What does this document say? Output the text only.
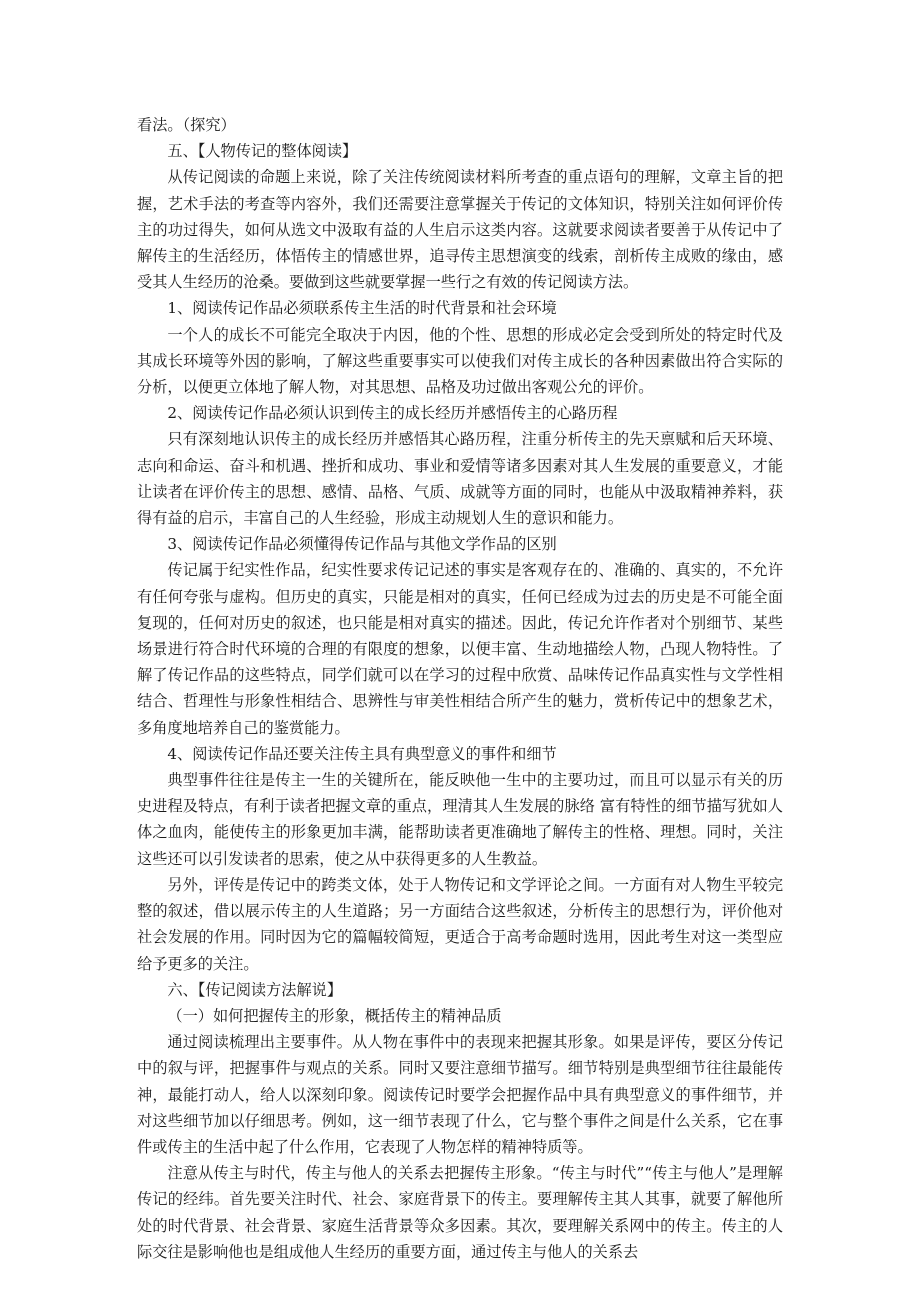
看法。（探究）

五、【人物传记的整体阅读】

从传记阅读的命题上来说，除了关注传统阅读材料所考查的重点语句的理解，文章主旨的把握，艺术手法的考查等内容外，我们还需要注意掌握关于传记的文体知识，特别关注如何评价传主的功过得失，如何从选文中汲取有益的人生启示这类内容。这就要求阅读者要善于从传记中了解传主的生活经历，体悟传主的情感世界，追寻传主思想演变的线索，剖析传主成败的缘由，感受其人生经历的沧桑。要做到这些就要掌握一些行之有效的传记阅读方法。

1、阅读传记作品必须联系传主生活的时代背景和社会环境

一个人的成长不可能完全取决于内因，他的个性、思想的形成必定会受到所处的特定时代及其成长环境等外因的影响，了解这些重要事实可以使我们对传主成长的各种因素做出符合实际的分析，以便更立体地了解人物，对其思想、品格及功过做出客观公允的评价。

2、阅读传记作品必须认识到传主的成长经历并感悟传主的心路历程

只有深刻地认识传主的成长经历并感悟其心路历程，注重分析传主的先天禀赋和后天环境、志向和命运、奋斗和机遇、挫折和成功、事业和爱情等诸多因素对其人生发展的重要意义，才能让读者在评价传主的思想、感情、品格、气质、成就等方面的同时，也能从中汲取精神养料，获得有益的启示，丰富自己的人生经验，形成主动规划人生的意识和能力。

3、阅读传记作品必须懂得传记作品与其他文学作品的区别

传记属于纪实性作品，纪实性要求传记记述的事实是客观存在的、准确的、真实的，不允许有任何夸张与虚构。但历史的真实，只能是相对的真实，任何已经成为过去的历史是不可能全面复现的，任何对历史的叙述，也只能是相对真实的描述。因此，传记允许作者对个别细节、某些场景进行符合时代环境的合理的有限度的想象，以便丰富、生动地描绘人物，凸现人物特性。了解了传记作品的这些特点，同学们就可以在学习的过程中欣赏、品味传记作品真实性与文学性相结合、哲理性与形象性相结合、思辨性与审美性相结合所产生的魅力，赏析传记中的想象艺术，多角度地培养自己的鉴赏能力。

4、阅读传记作品还要关注传主具有典型意义的事件和细节

典型事件往往是传主一生的关键所在，能反映他一生中的主要功过，而且可以显示有关的历史进程及特点，有利于读者把握文章的重点，理清其人生发展的脉络 富有特性的细节描写犹如人体之血肉，能使传主的形象更加丰满，能帮助读者更准确地了解传主的性格、理想。同时，关注这些还可以引发读者的思索，使之从中获得更多的人生教益。

另外，评传是传记中的跨类文体，处于人物传记和文学评论之间。一方面有对人物生平较完整的叙述，借以展示传主的人生道路；另一方面结合这些叙述，分析传主的思想行为，评价他对社会发展的作用。同时因为它的篇幅较简短，更适合于高考命题时选用，因此考生对这一类型应给予更多的关注。

六、【传记阅读方法解说】

（一）如何把握传主的形象，概括传主的精神品质

通过阅读梳理出主要事件。从人物在事件中的表现来把握其形象。如果是评传，要区分传记中的叙与评，把握事件与观点的关系。同时又要注意细节描写。细节特别是典型细节往往最能传神，最能打动人，给人以深刻印象。阅读传记时要学会把握作品中具有典型意义的事件细节，并对这些细节加以仔细思考。例如，这一细节表现了什么，它与整个事件之间是什么关系，它在事件或传主的生活中起了什么作用，它表现了人物怎样的精神特质等。

注意从传主与时代，传主与他人的关系去把握传主形象。“传主与时代”“传主与他人”是理解传记的经纬。首先要关注时代、社会、家庭背景下的传主。要理解传主其人其事，就要了解他所处的时代背景、社会背景、家庭生活背景等众多因素。其次，要理解关系网中的传主。传主的人际交往是影响他也是组成他人生经历的重要方面，通过传主与他人的关系去
